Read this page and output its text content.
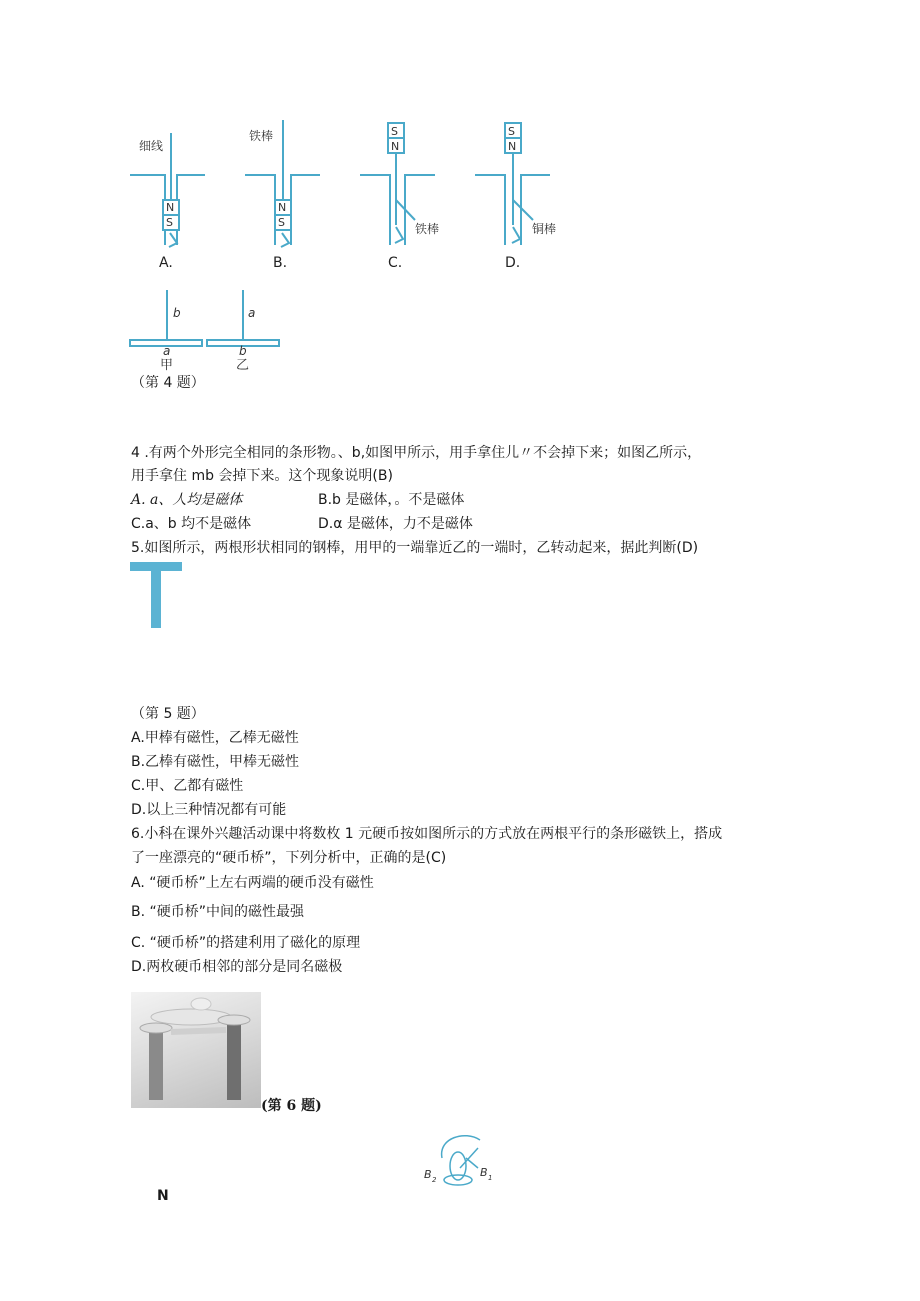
细线
铁棒
铁棒	铜棒
N
S
N
S
S
N
S
N
A.	B.	C.	D.
b
a
a
b
甲	乙
（第 4 题）
4 .有两个外形完全相同的条形物。、b,如图甲所示，用手拿住儿〃不会掉下来；如图乙所示，
用手拿住 mb 会掉下来。这个现象说明(B)
A. a、人均是磁体	B.b 是磁体，。不是磁体
C.a、b 均不是磁体	D.α 是磁体，力不是磁体
5.如图所示，两根形状相同的钢棒，用甲的一端靠近乙的一端时，乙转动起来，据此判断(D)
（第 5 题）
A.甲棒有磁性，乙棒无磁性
B.乙棒有磁性，甲棒无磁性
C.甲、乙都有磁性
D.以上三种情况都有可能
6.小科在课外兴趣活动课中将数枚 1 元硬币按如图所示的方式放在两根平行的条形磁铁上，搭成
了一座漂亮的“硬币桥”，下列分析中，正确的是(C)
A. “硬币桥”上左右两端的硬币没有磁性
B. “硬币桥”中间的磁性最强
C. “硬币桥”的搭建利用了磁化的原理
D.两枚硬币相邻的部分是同名磁极
(第 6 题)
B 2
B 1
N
